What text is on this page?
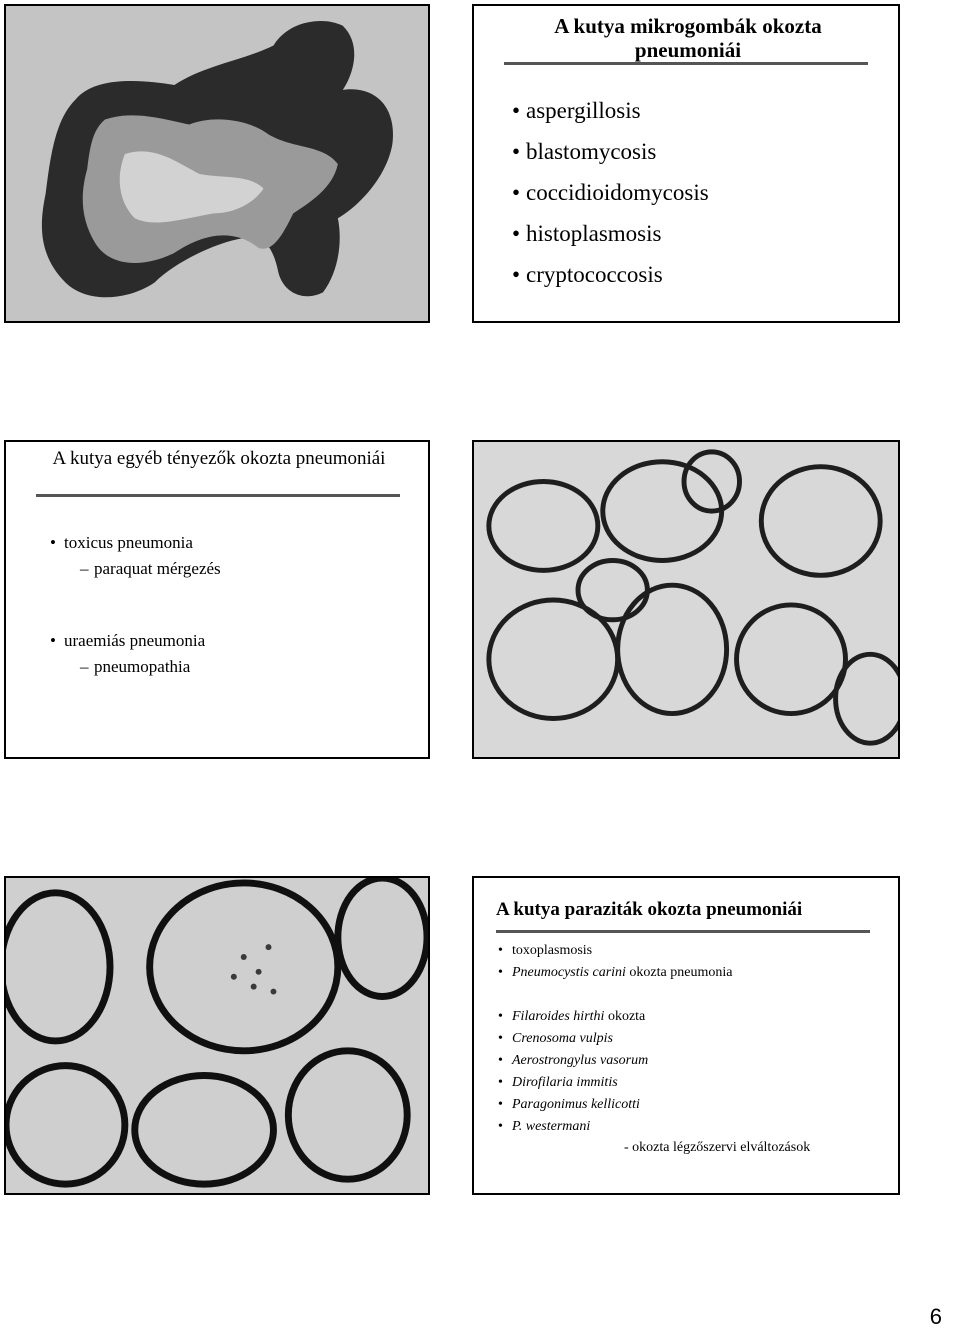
A kutya mikrogombák okozta pneumoniái
• aspergillosis
• blastomycosis
• coccidioidomycosis
• histoplasmosis
• cryptococcosis
A kutya egyéb tényezők okozta pneumoniái
• toxicus pneumonia
– paraquat mérgezés
• uraemiás pneumonia
– pneumopathia
A kutya paraziták okozta pneumoniái
• toxoplasmosis
• Pneumocystis carini okozta pneumonia
• Filaroides hirthi okozta
• Crenosoma vulpis
• Aerostrongylus vasorum
• Dirofilaria immitis
• Paragonimus kellicotti
• P. westermani
- okozta légzőszervi elváltozások
6
